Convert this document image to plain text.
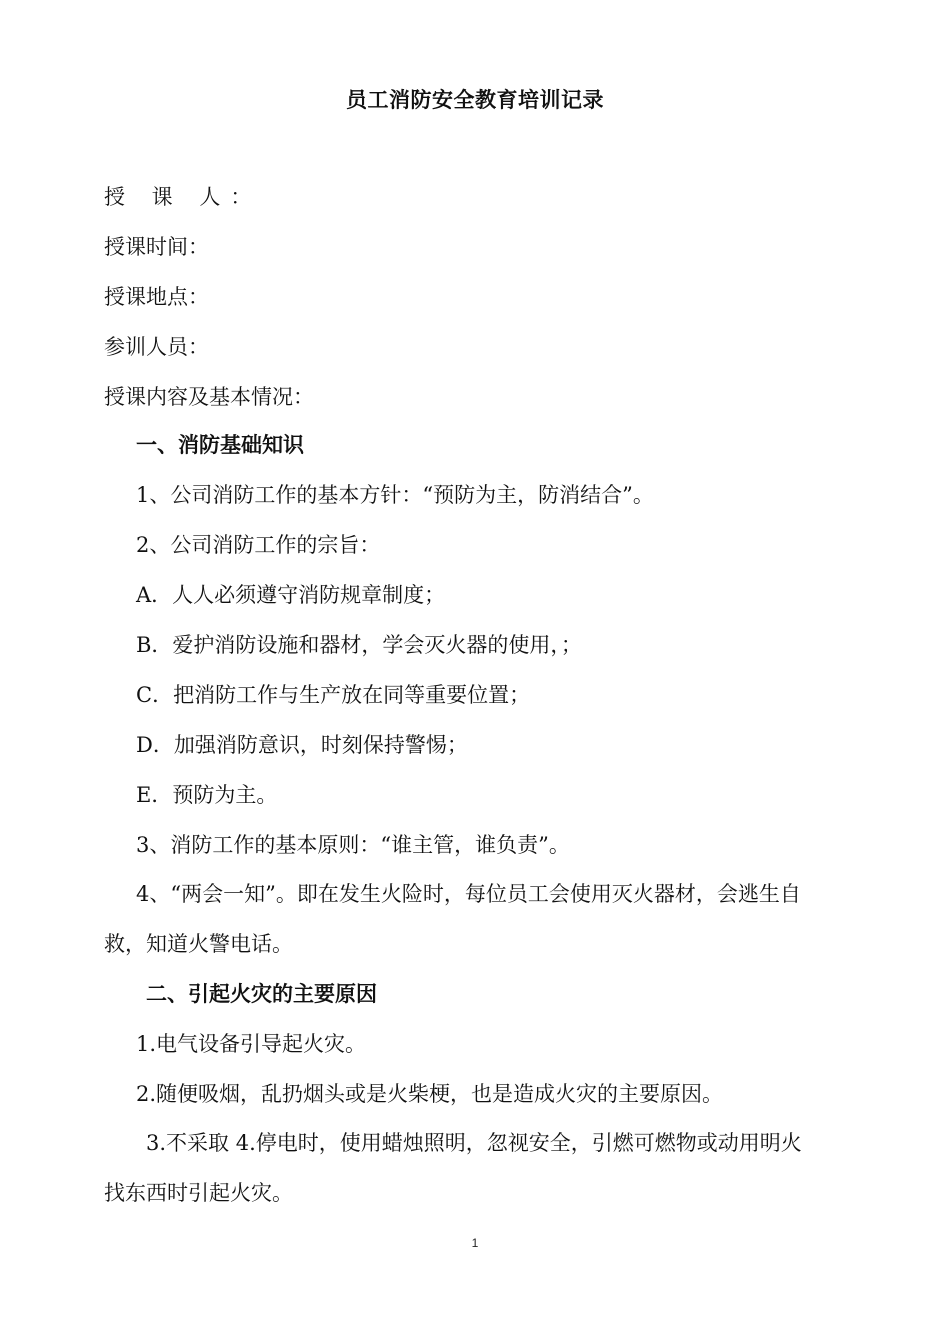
员工消防安全教育培训记录
授 课 人：
授课时间：
授课地点：
参训人员：
授课内容及基本情况：
一、消防基础知识
1、公司消防工作的基本方针：“预防为主，防消结合”。
2、公司消防工作的宗旨：
A．人人必须遵守消防规章制度；
B．爱护消防设施和器材，学会灭火器的使用，；
C．把消防工作与生产放在同等重要位置；
D．加强消防意识，时刻保持警惕；
E．预防为主。
3、消防工作的基本原则：“谁主管，谁负责”。
4、“两会一知”。即在发生火险时，每位员工会使用灭火器材，会逃生自
救，知道火警电话。
二、引起火灾的主要原因
1.电气设备引导起火灾。
2.随便吸烟，乱扔烟头或是火柴梗，也是造成火灾的主要原因。
3.不采取 4.停电时，使用蜡烛照明，忽视安全，引燃可燃物或动用明火
找东西时引起火灾。
1
